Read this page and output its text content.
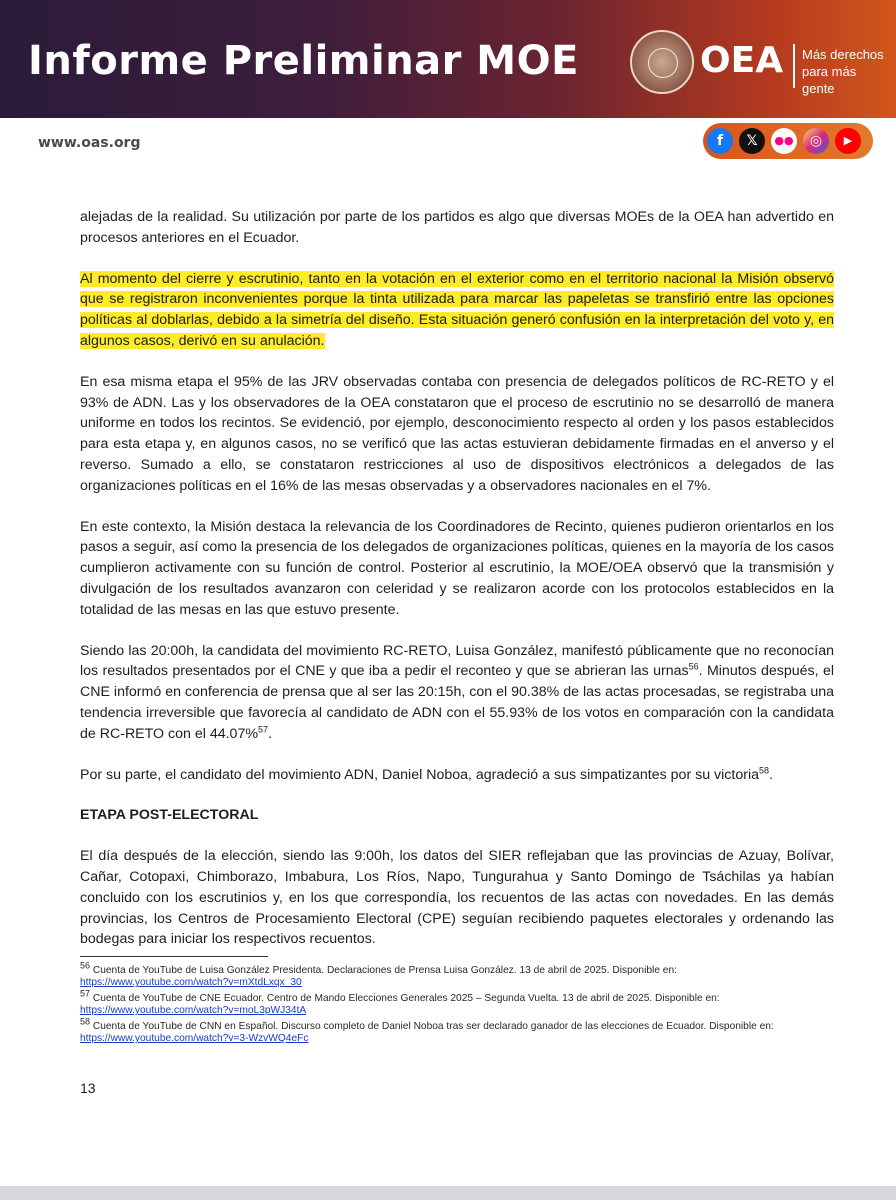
Informe Preliminar MOE	OEA Más derechos para más gente
www.oas.org	f	𝕏	●●	◎	▶

alejadas de la realidad. Su utilización por parte de los partidos es algo que diversas MOEs de la OEA han advertido en procesos anteriores en el Ecuador.

Al momento del cierre y escrutinio, tanto en la votación en el exterior como en el territorio nacional la Misión observó que se registraron inconvenientes porque la tinta utilizada para marcar las papeletas se transfirió entre las opciones políticas al doblarlas, debido a la simetría del diseño. Esta situación generó confusión en la interpretación del voto y, en algunos casos, derivó en su anulación.

En esa misma etapa el 95% de las JRV observadas contaba con presencia de delegados políticos de RC-RETO y el 93% de ADN. Las y los observadores de la OEA constataron que el proceso de escrutinio no se desarrolló de manera uniforme en todos los recintos. Se evidenció, por ejemplo, desconocimiento respecto al orden y los pasos establecidos para esta etapa y, en algunos casos, no se verificó que las actas estuvieran debidamente firmadas en el anverso y el reverso. Sumado a ello, se constataron restricciones al uso de dispositivos electrónicos a delegados de las organizaciones políticas en el 16% de las mesas observadas y a observadores nacionales en el 7%.

En este contexto, la Misión destaca la relevancia de los Coordinadores de Recinto, quienes pudieron orientarlos en los pasos a seguir, así como la presencia de los delegados de organizaciones políticas, quienes en la mayoría de los casos cumplieron activamente con su función de control. Posterior al escrutinio, la MOE/OEA observó que la transmisión y divulgación de los resultados avanzaron con celeridad y se realizaron acorde con los protocolos establecidos en la totalidad de las mesas en las que estuvo presente.

Siendo las 20:00h, la candidata del movimiento RC-RETO, Luisa González, manifestó públicamente que no reconocían los resultados presentados por el CNE y que iba a pedir el reconteo y que se abrieran las urnas$^{56}$. Minutos después, el CNE informó en conferencia de prensa que al ser las 20:15h, con el 90.38% de las actas procesadas, se registraba una tendencia irreversible que favorecía al candidato de ADN con el 55.93% de los votos en comparación con la candidata de RC-RETO con el 44.07%$^{57}$.

Por su parte, el candidato del movimiento ADN, Daniel Noboa, agradeció a sus simpatizantes por su victoria$^{58}$.

ETAPA POST-ELECTORAL

El día después de la elección, siendo las 9:00h, los datos del SIER reflejaban que las provincias de Azuay, Bolívar, Cañar, Cotopaxi, Chimborazo, Imbabura, Los Ríos, Napo, Tungurahua y Santo Domingo de Tsáchilas ya habían concluido con los escrutinios y, en los que correspondía, los recuentos de las actas con novedades. En las demás provincias, los Centros de Procesamiento Electoral (CPE) seguían recibiendo paquetes electorales y ordenando las bodegas para iniciar los respectivos recuentos.

$^{56}$ Cuenta de YouTube de Luisa González Presidenta. Declaraciones de Prensa Luisa González. 13 de abril de 2025. Disponible en:
https://www.youtube.com/watch?v=mXtdLxqx_30

$^{57}$ Cuenta de YouTube de CNE Ecuador. Centro de Mando Elecciones Generales 2025 – Segunda Vuelta. 13 de abril de 2025. Disponible en:
https://www.youtube.com/watch?v=moL3pWJ34tA

$^{58}$ Cuenta de YouTube de CNN en Español. Discurso completo de Daniel Noboa tras ser declarado ganador de las elecciones de Ecuador. Disponible en:
https://www.youtube.com/watch?v=3-WzvWQ4eFc

13
